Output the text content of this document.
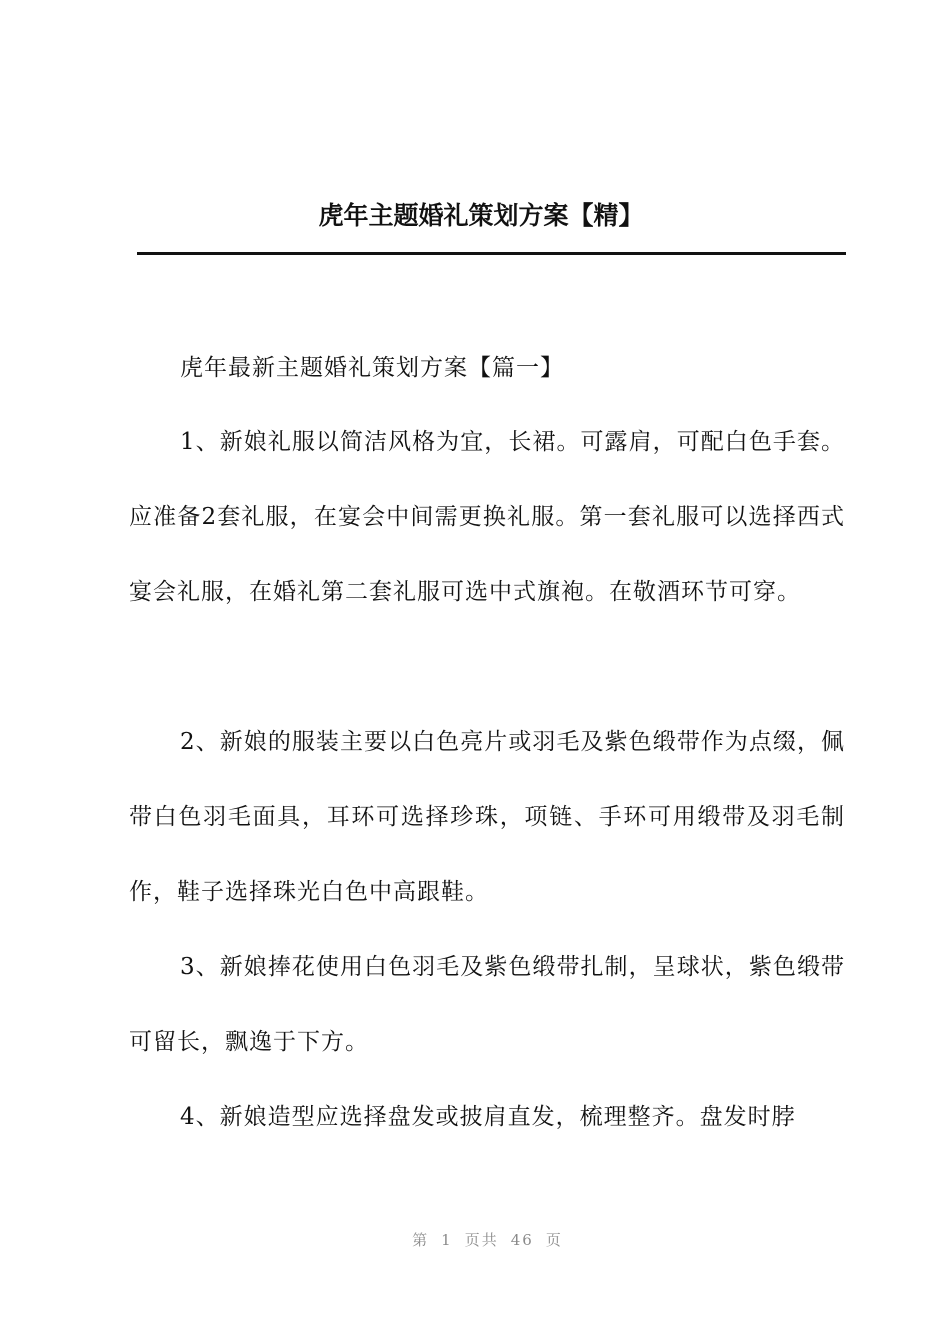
虎年主题婚礼策划方案【精】

虎年最新主题婚礼策划方案【篇一】

1、新娘礼服以简洁风格为宜，长裙。可露肩，可配白色手套。应准备2套礼服，在宴会中间需更换礼服。第一套礼服可以选择西式宴会礼服，在婚礼第二套礼服可选中式旗袍。在敬酒环节可穿。

2、新娘的服装主要以白色亮片或羽毛及紫色缎带作为点缀，佩带白色羽毛面具，耳环可选择珍珠，项链、手环可用缎带及羽毛制作，鞋子选择珠光白色中高跟鞋。

3、新娘捧花使用白色羽毛及紫色缎带扎制，呈球状，紫色缎带可留长，飘逸于下方。

4、新娘造型应选择盘发或披肩直发，梳理整齐。盘发时脖

第 1 页共 46 页
